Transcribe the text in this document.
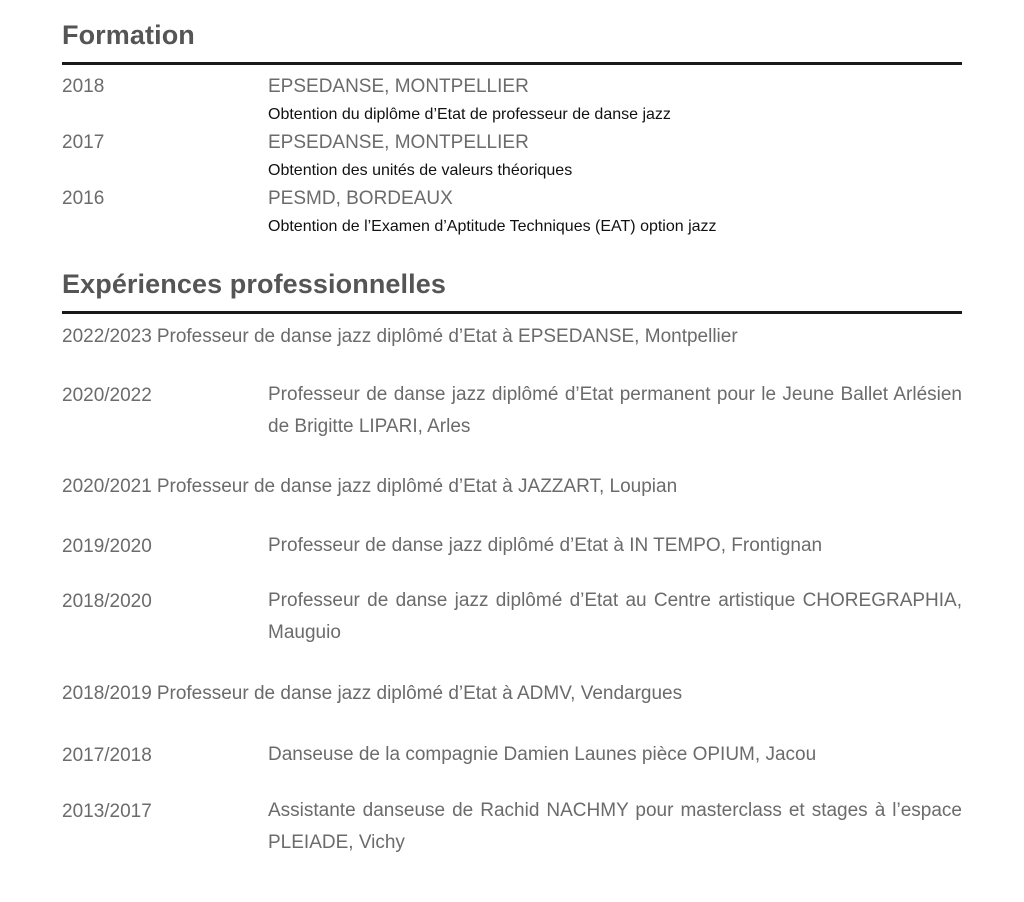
Formation
2018	EPSEDANSE, MONTPELLIER
Obtention du diplôme d’Etat de professeur de danse jazz
2017	EPSEDANSE, MONTPELLIER
Obtention des unités de valeurs théoriques
2016	PESMD, BORDEAUX
Obtention de l’Examen d’Aptitude Techniques (EAT) option jazz
Expériences professionnelles
2022/2023 Professeur de danse jazz diplômé d’Etat à EPSEDANSE, Montpellier
2020/2022	Professeur de danse jazz diplômé d’Etat permanent pour le Jeune Ballet Arlésien de Brigitte LIPARI, Arles
2020/2021 Professeur de danse jazz diplômé d’Etat à JAZZART, Loupian
2019/2020	Professeur de danse jazz diplômé d’Etat à IN TEMPO, Frontignan
2018/2020	Professeur de danse jazz diplômé d’Etat au Centre artistique CHOREGRAPHIA, Mauguio
2018/2019 Professeur de danse jazz diplômé d’Etat à ADMV, Vendargues
2017/2018	Danseuse de la compagnie Damien Launes pièce OPIUM, Jacou
2013/2017	Assistante danseuse de Rachid NACHMY pour masterclass et stages à l’espace PLEIADE, Vichy
